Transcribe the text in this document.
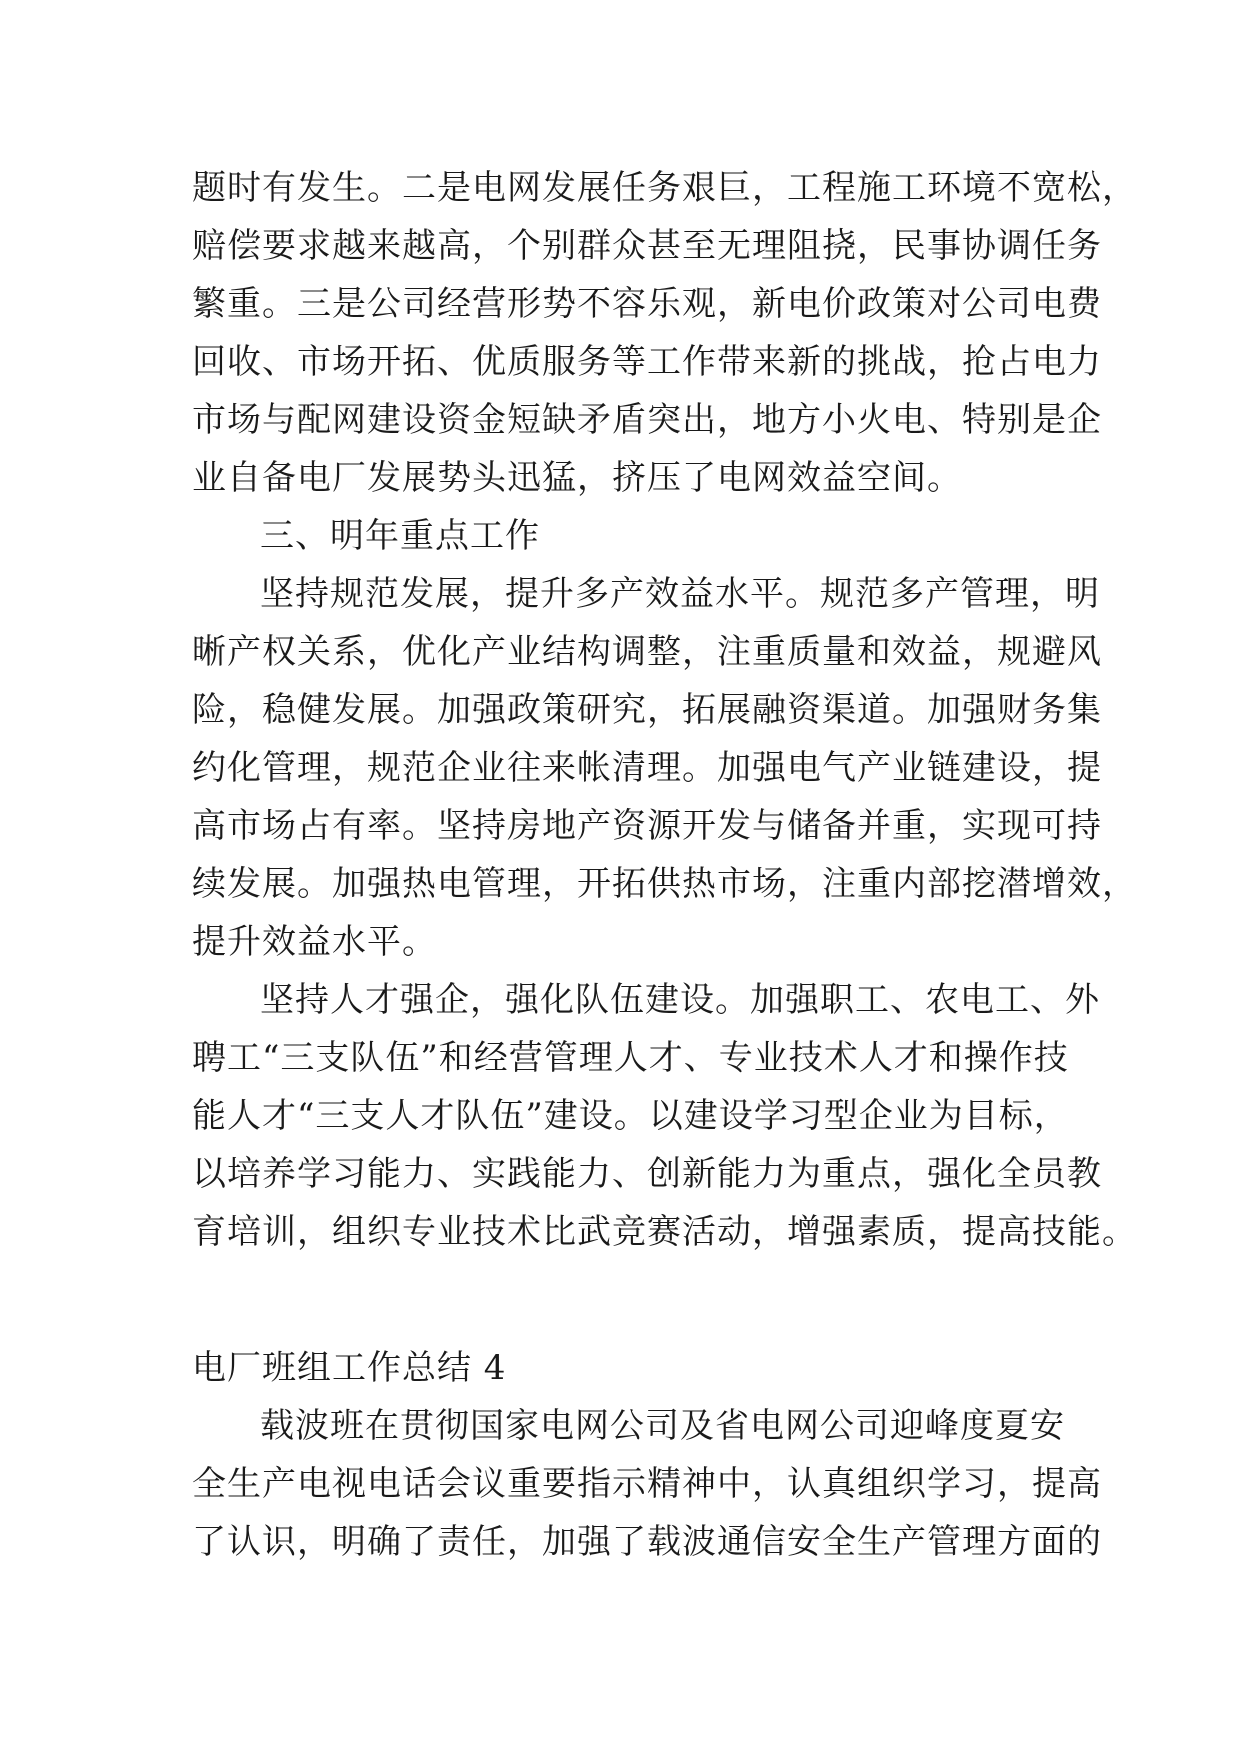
题时有发生。二是电网发展任务艰巨，工程施工环境不宽松，
赔偿要求越来越高，个别群众甚至无理阻挠，民事协调任务
繁重。三是公司经营形势不容乐观，新电价政策对公司电费
回收、市场开拓、优质服务等工作带来新的挑战，抢占电力
市场与配网建设资金短缺矛盾突出，地方小火电、特别是企
业自备电厂发展势头迅猛，挤压了电网效益空间。
三、明年重点工作
坚持规范发展，提升多产效益水平。规范多产管理，明
晰产权关系，优化产业结构调整，注重质量和效益，规避风
险，稳健发展。加强政策研究，拓展融资渠道。加强财务集
约化管理，规范企业往来帐清理。加强电气产业链建设，提
高市场占有率。坚持房地产资源开发与储备并重，实现可持
续发展。加强热电管理，开拓供热市场，注重内部挖潜增效，
提升效益水平。
坚持人才强企，强化队伍建设。加强职工、农电工、外
聘工“三支队伍”和经营管理人才、专业技术人才和操作技
能人才“三支人才队伍”建设。以建设学习型企业为目标，
以培养学习能力、实践能力、创新能力为重点，强化全员教
育培训，组织专业技术比武竞赛活动，增强素质，提高技能。
电厂班组工作总结 4
载波班在贯彻国家电网公司及省电网公司迎峰度夏安
全生产电视电话会议重要指示精神中，认真组织学习，提高
了认识，明确了责任，加强了载波通信安全生产管理方面的
